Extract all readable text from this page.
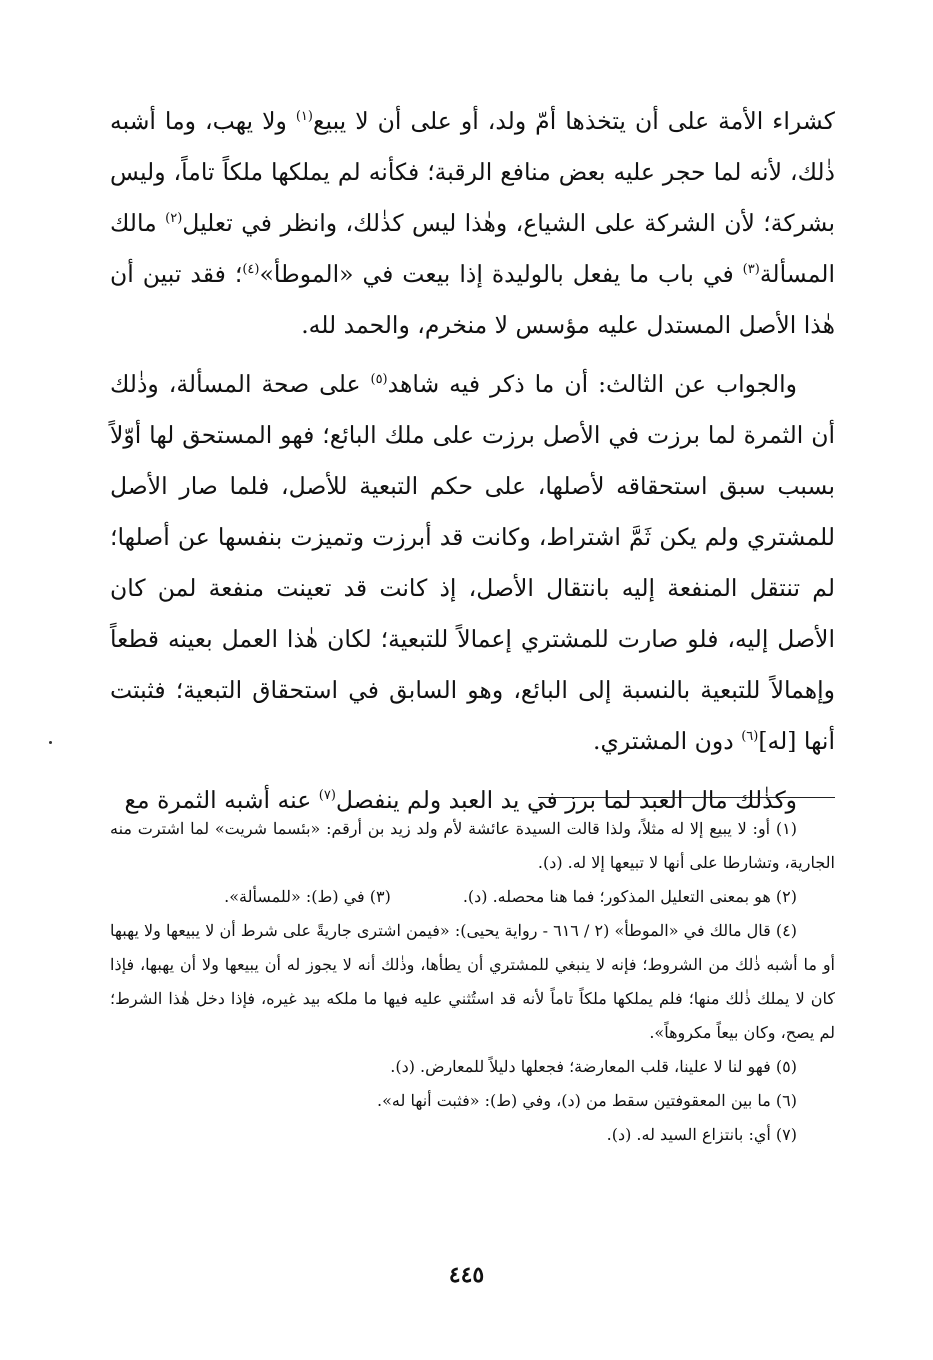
كشراء الأمة على أن يتخذها أمّ ولد، أو على أن لا يبيع$^{(١)}$ ولا يهب، وما أشبه ذٰلك، لأنه لما حجر عليه بعض منافع الرقبة؛ فكأنه لم يملكها ملكاً تاماً، وليس بشركة؛ لأن الشركة على الشياع، وهٰذا ليس كذٰلك، وانظر في تعليل$^{(٢)}$ مالك المسألة$^{(٣)}$ في باب ما يفعل بالوليدة إذا بيعت في «الموطأ»$^{(٤)}$؛ فقد تبين أن هٰذا الأصل المستدل عليه مؤسس لا منخرم، والحمد لله.

والجواب عن الثالث: أن ما ذكر فيه شاهد$^{(٥)}$ على صحة المسألة، وذٰلك أن الثمرة لما برزت في الأصل برزت على ملك البائع؛ فهو المستحق لها أوّلاً بسبب سبق استحقاقه لأصلها، على حكم التبعية للأصل، فلما صار الأصل للمشتري ولم يكن ثَمَّ اشتراط، وكانت قد أبرزت وتميزت بنفسها عن أصلها؛ لم تنتقل المنفعة إليه بانتقال الأصل، إذ كانت قد تعينت منفعة لمن كان الأصل إليه، فلو صارت للمشتري إعمالاً للتبعية؛ لكان هٰذا العمل بعينه قطعاً وإهمالاً للتبعية بالنسبة إلى البائع، وهو السابق في استحقاق التبعية؛ فثبتت أنها [له]$^{(٦)}$ دون المشتري.

وكذٰلك مال العبد لما برز في يد العبد ولم ينفصل$^{(٧)}$ عنه أشبه الثمرة مع

(١) أو: لا يبيع إلا له مثلاً، ولذا قالت السيدة عائشة لأم ولد زيد بن أرقم: «بئسما شريت» لما اشترت منه الجارية، وتشارطا على أنها لا تبيعها إلا له. (د).

(٢) هو بمعنى التعليل المذكور؛ فما هنا محصله. (د).(٣) في (ط): «للمسألة».

(٤) قال مالك في «الموطأ» (٢ / ٦١٦ - رواية يحيى): «فيمن اشترى جاريةً على شرط أن لا يبيعها ولا يهبها أو ما أشبه ذٰلك من الشروط؛ فإنه لا ينبغي للمشتري أن يطأها، وذٰلك أنه لا يجوز له أن يبيعها ولا أن يهبها، فإذا كان لا يملك ذٰلك منها؛ فلم يملكها ملكاً تاماً لأنه قد استُثني عليه فيها ما ملكه بيد غيره، فإذا دخل هٰذا الشرط؛ لم يصح، وكان بيعاً مكروهاً».

(٥) فهو لنا لا علينا، قلب المعارضة؛ فجعلها دليلاً للمعارض. (د).

(٦) ما بين المعقوفتين سقط من (د)، وفي (ط): «فثبت أنها له».

(٧) أي: بانتزاع السيد له. (د).

٤٤٥
